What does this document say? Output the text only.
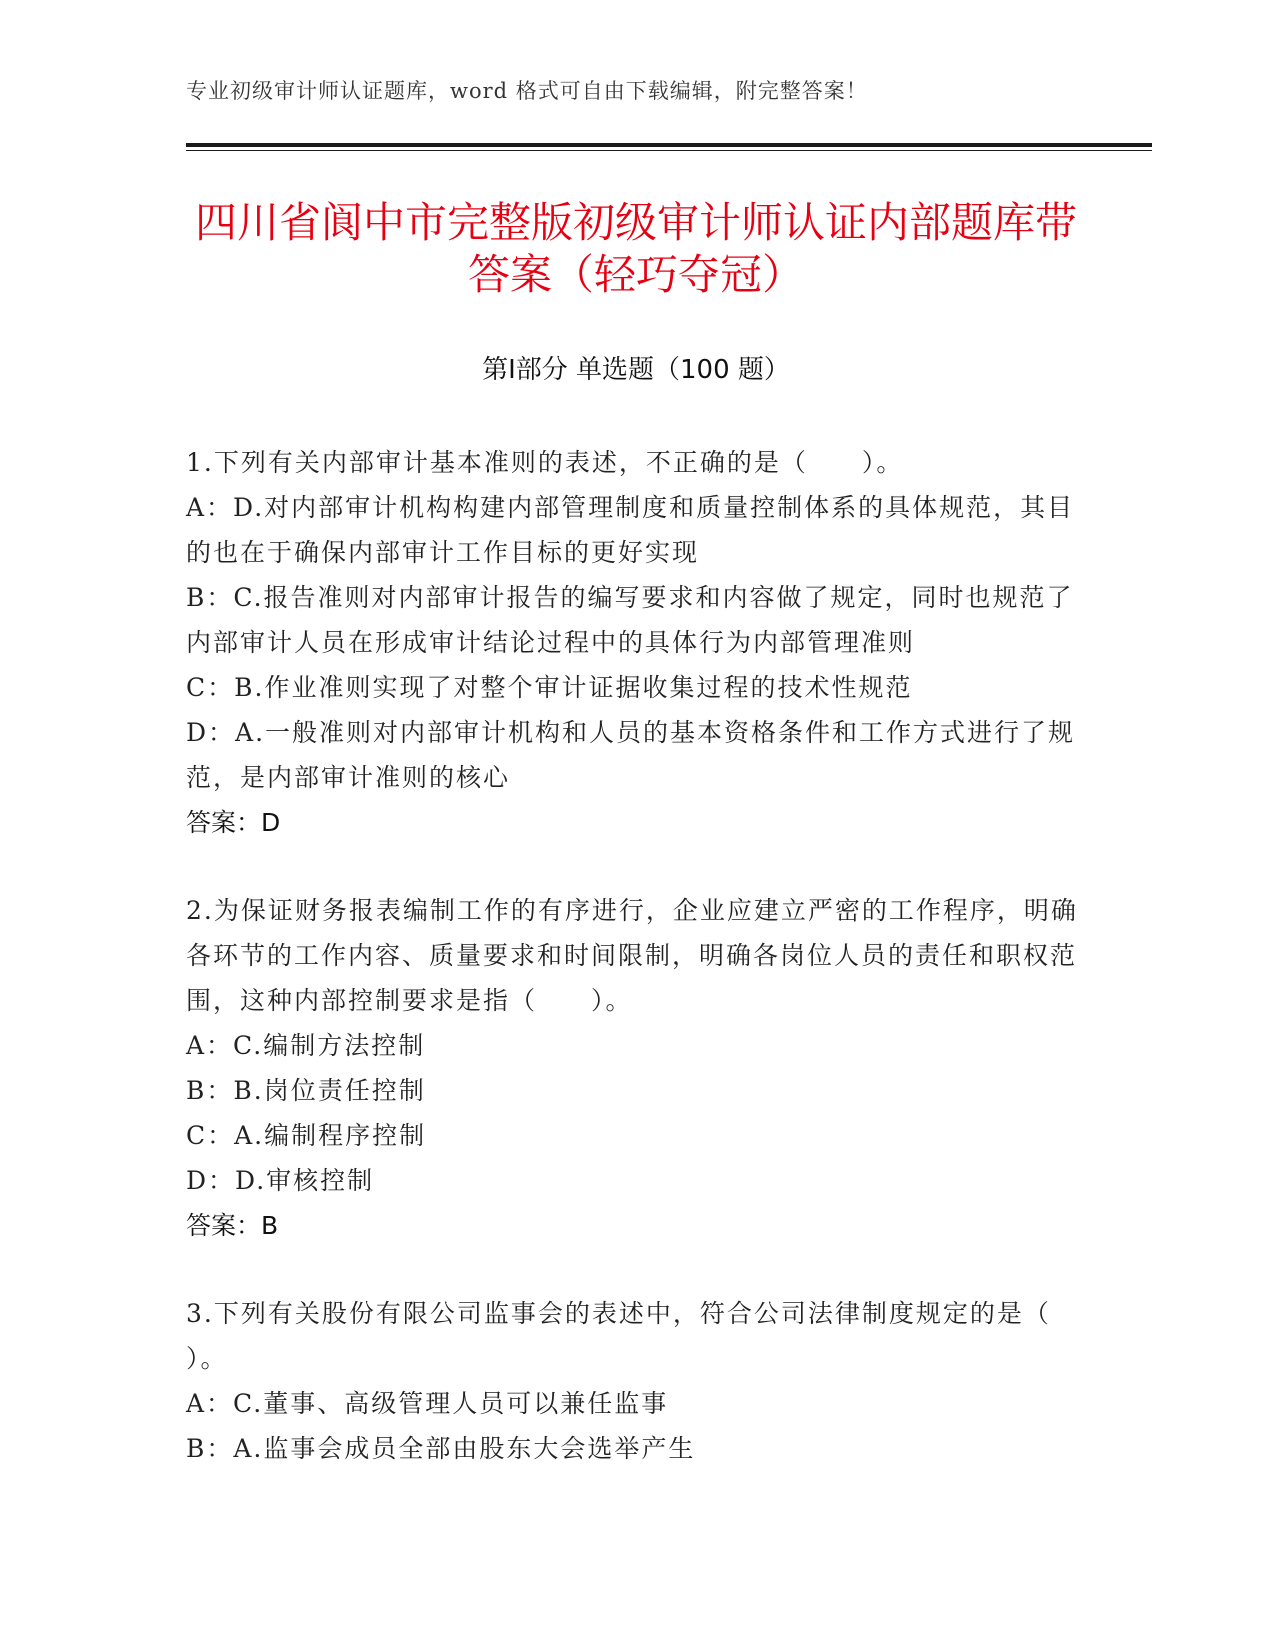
专业初级审计师认证题库，word 格式可自由下载编辑，附完整答案！
四川省阆中市完整版初级审计师认证内部题库带答案（轻巧夺冠）
第Ⅰ部分 单选题（100 题）

1.下列有关内部审计基本准则的表述，不正确的是（　　）。

A：D.对内部审计机构构建内部管理制度和质量控制体系的具体规范，其目的也在于确保内部审计工作目标的更好实现

B：C.报告准则对内部审计报告的编写要求和内容做了规定，同时也规范了内部审计人员在形成审计结论过程中的具体行为内部管理准则

C：B.作业准则实现了对整个审计证据收集过程的技术性规范

D：A.一般准则对内部审计机构和人员的基本资格条件和工作方式进行了规范，是内部审计准则的核心

答案：D

2.为保证财务报表编制工作的有序进行，企业应建立严密的工作程序，明确各环节的工作内容、质量要求和时间限制，明确各岗位人员的责任和职权范围，这种内部控制要求是指（　　）。

A：C.编制方法控制

B：B.岗位责任控制

C：A.编制程序控制

D：D.审核控制

答案：B

3.下列有关股份有限公司监事会的表述中，符合公司法律制度规定的是（ ）。

A：C.董事、高级管理人员可以兼任监事

B：A.监事会成员全部由股东大会选举产生
